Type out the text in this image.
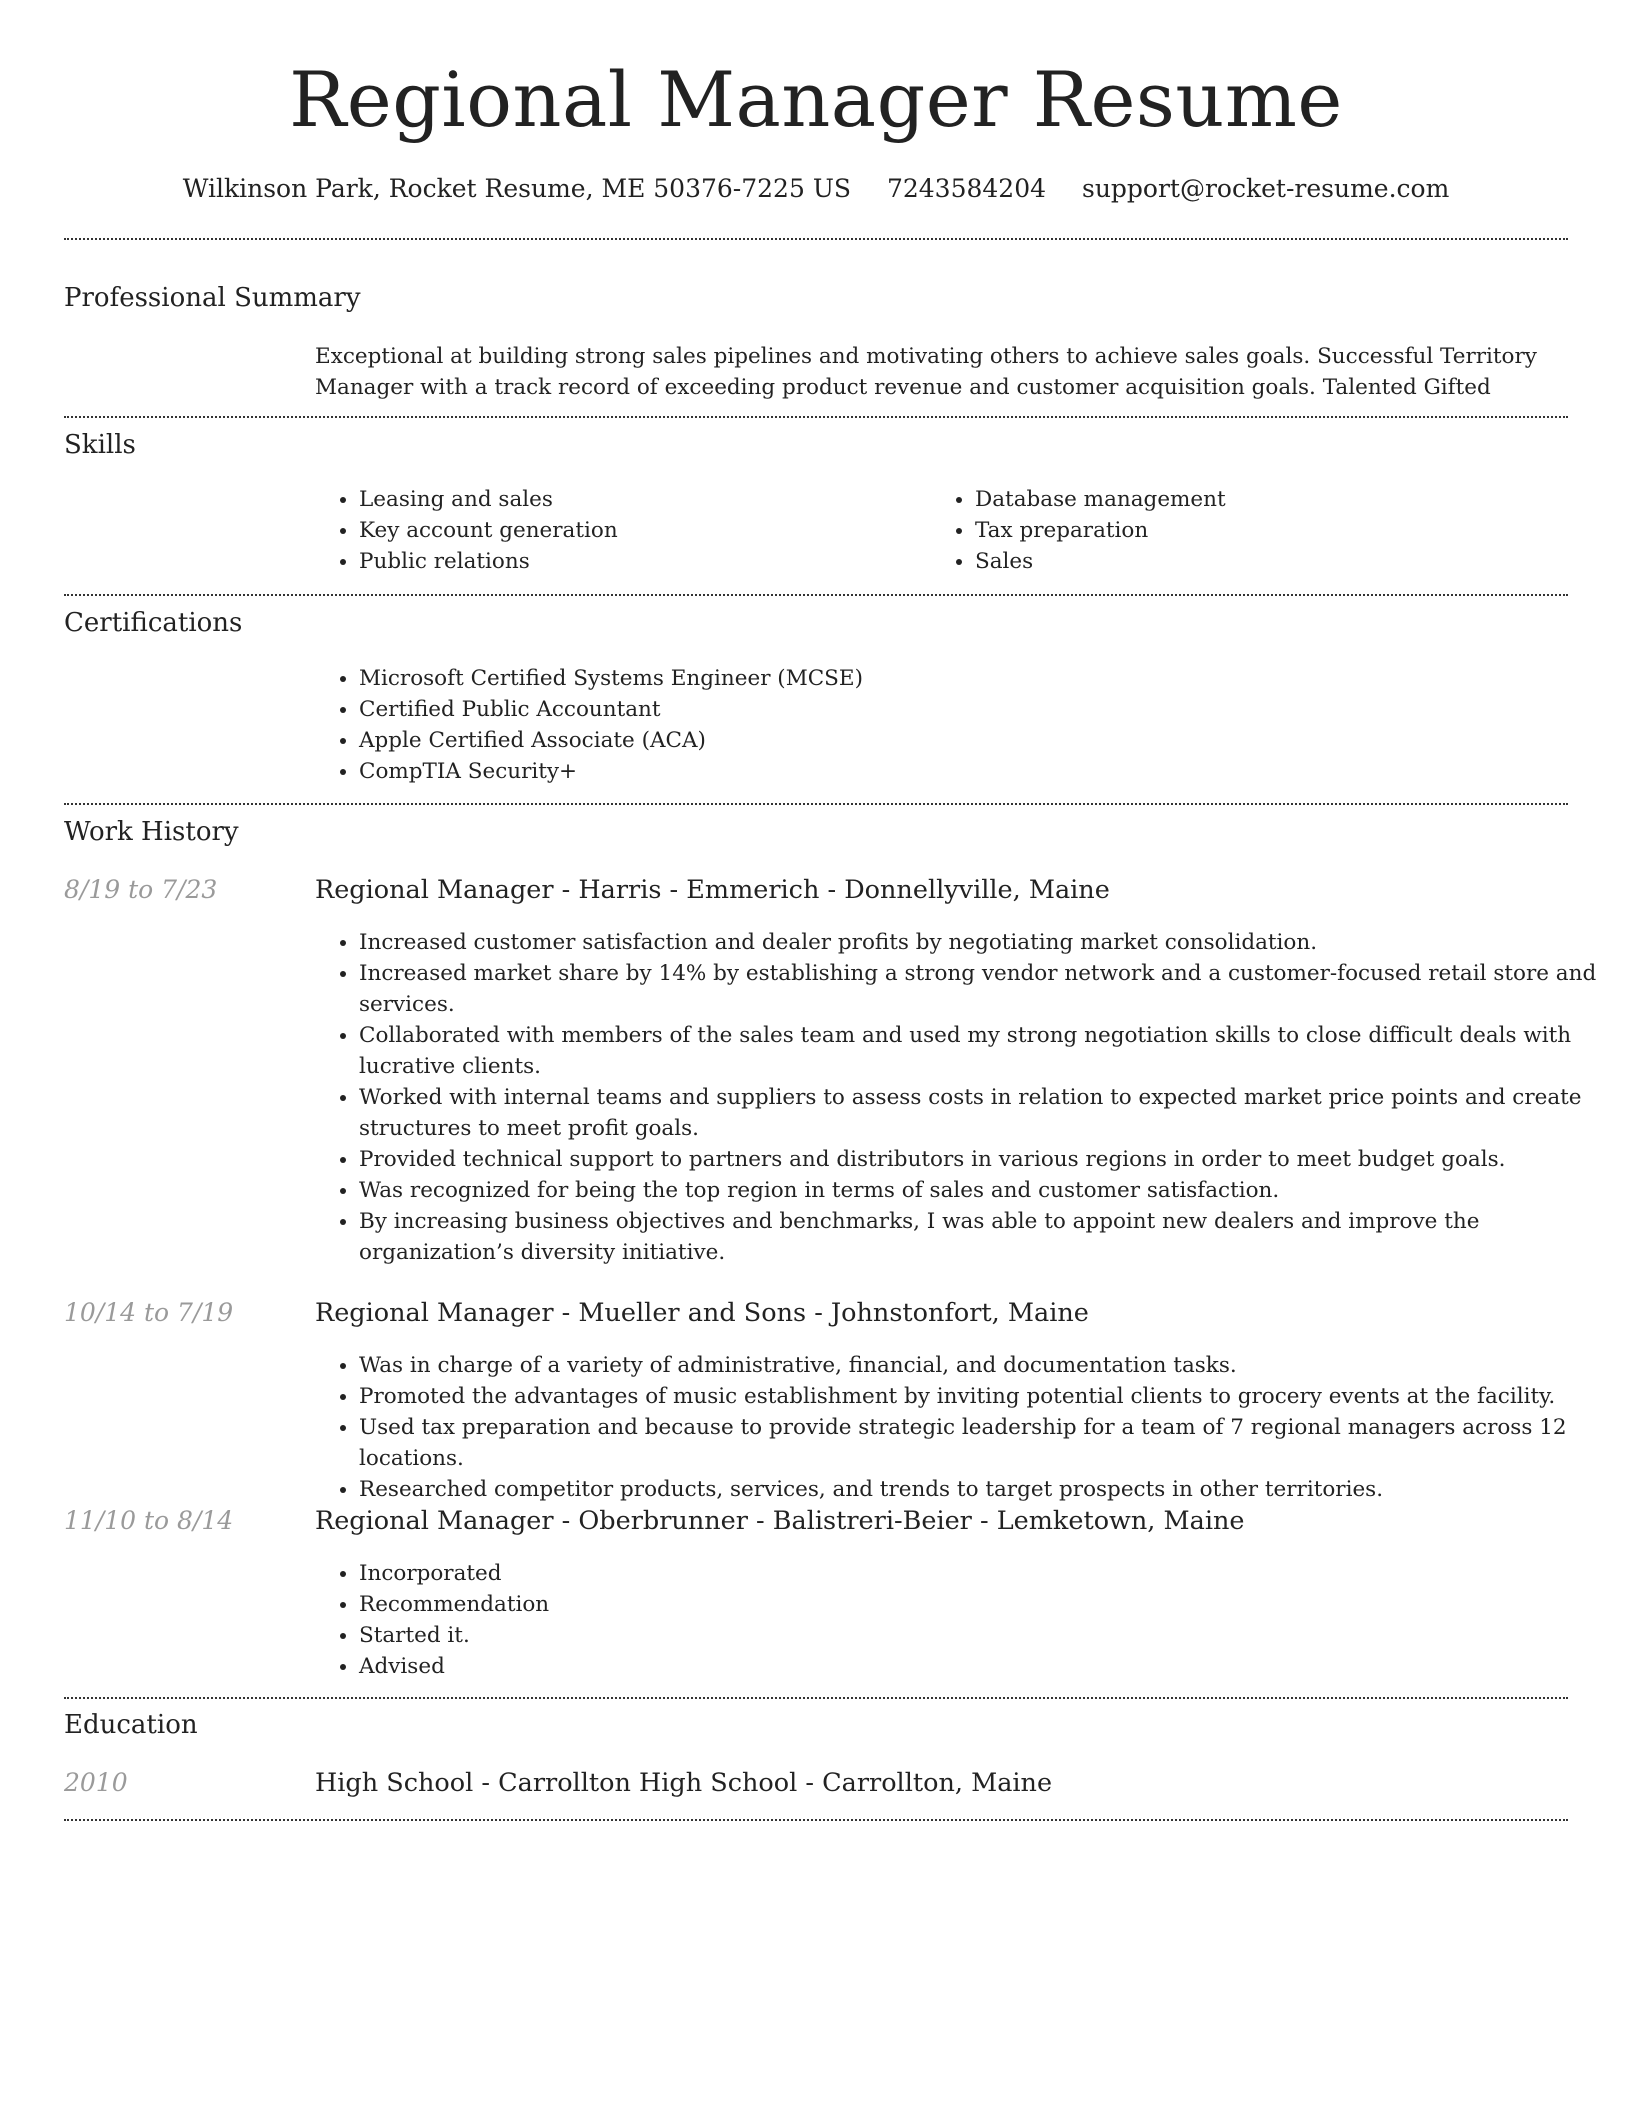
Regional Manager Resume
Wilkinson Park, Rocket Resume, ME 50376-7225 US 7243584204 support@rocket-resume.com
Professional Summary

Exceptional at building strong sales pipelines and motivating others to achieve sales goals. Successful Territory Manager with a track record of exceeding product revenue and customer acquisition goals. Talented Gifted

Skills
• Leasing and sales
• Key account generation
• Public relations
• Database management
• Tax preparation
• Sales
Certifications
• Microsoft Certified Systems Engineer (MCSE)
• Certified Public Accountant
• Apple Certified Associate (ACA)
• CompTIA Security+
Work History
8/19 to 7/23	Regional Manager - Harris - Emmerich - Donnellyville, Maine
• Increased customer satisfaction and dealer profits by negotiating market consolidation.
• Increased market share by 14% by establishing a strong vendor network and a customer-focused retail store and services.
• Collaborated with members of the sales team and used my strong negotiation skills to close difficult deals with lucrative clients.
• Worked with internal teams and suppliers to assess costs in relation to expected market price points and create structures to meet profit goals.
• Provided technical support to partners and distributors in various regions in order to meet budget goals.
• Was recognized for being the top region in terms of sales and customer satisfaction.
• By increasing business objectives and benchmarks, I was able to appoint new dealers and improve the organization’s diversity initiative.
10/14 to 7/19	Regional Manager - Mueller and Sons - Johnstonfort, Maine
• Was in charge of a variety of administrative, financial, and documentation tasks.
• Promoted the advantages of music establishment by inviting potential clients to grocery events at the facility.
• Used tax preparation and because to provide strategic leadership for a team of 7 regional managers across 12 locations.
• Researched competitor products, services, and trends to target prospects in other territories.
11/10 to 8/14	Regional Manager - Oberbrunner - Balistreri-Beier - Lemketown, Maine
• Incorporated
• Recommendation
• Started it.
• Advised
Education
2010	High School - Carrollton High School - Carrollton, Maine
